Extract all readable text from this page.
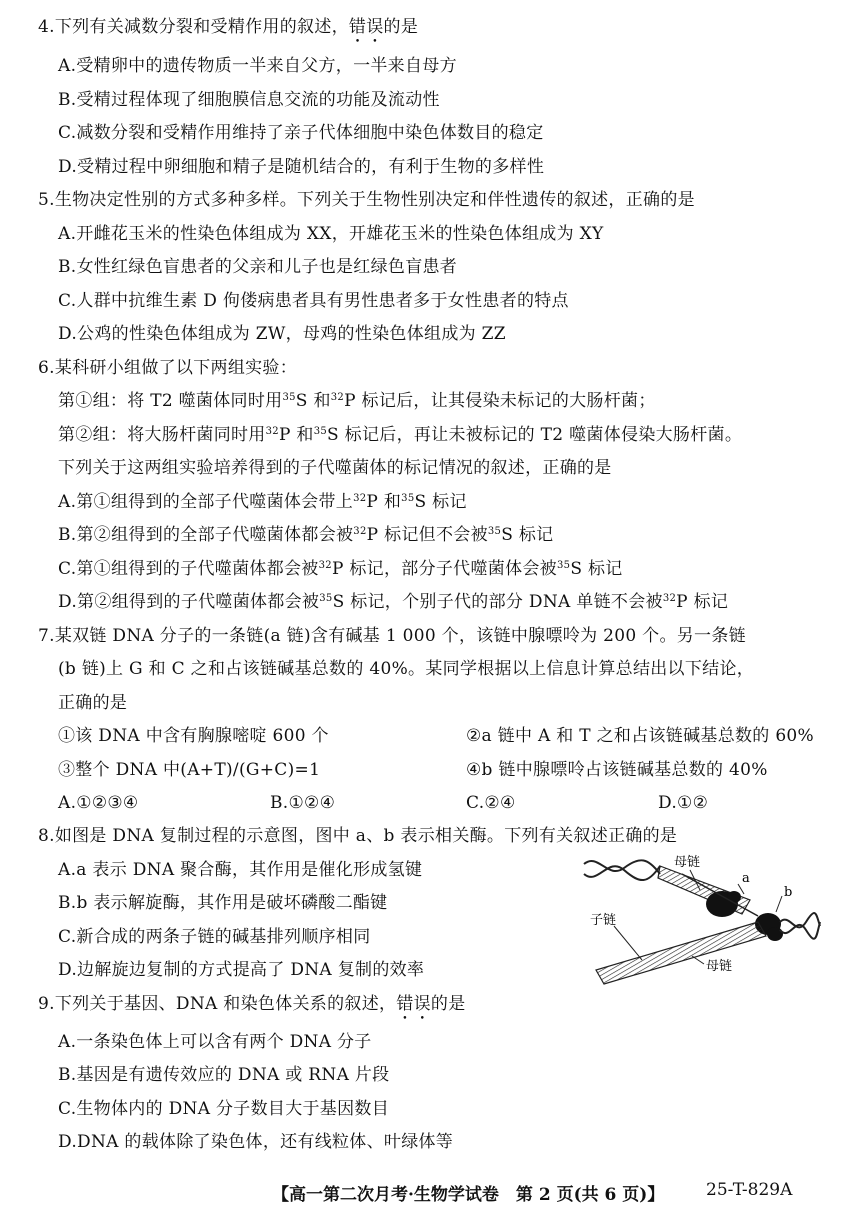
4.下列有关减数分裂和受精作用的叙述，错误的是
A.受精卵中的遗传物质一半来自父方，一半来自母方
B.受精过程体现了细胞膜信息交流的功能及流动性
C.减数分裂和受精作用维持了亲子代体细胞中染色体数目的稳定
D.受精过程中卵细胞和精子是随机结合的，有利于生物的多样性
5.生物决定性别的方式多种多样。下列关于生物性别决定和伴性遗传的叙述，正确的是
A.开雌花玉米的性染色体组成为 XX，开雄花玉米的性染色体组成为 XY
B.女性红绿色盲患者的父亲和儿子也是红绿色盲患者
C.人群中抗维生素 D 佝偻病患者具有男性患者多于女性患者的特点
D.公鸡的性染色体组成为 ZW，母鸡的性染色体组成为 ZZ
6.某科研小组做了以下两组实验：
第①组：将 T2 噬菌体同时用$^{35}$S 和$^{32}$P 标记后，让其侵染未标记的大肠杆菌；
第②组：将大肠杆菌同时用$^{32}$P 和$^{35}$S 标记后，再让未被标记的 T2 噬菌体侵染大肠杆菌。
下列关于这两组实验培养得到的子代噬菌体的标记情况的叙述，正确的是
A.第①组得到的全部子代噬菌体会带上$^{32}$P 和$^{35}$S 标记
B.第②组得到的全部子代噬菌体都会被$^{32}$P 标记但不会被$^{35}$S 标记
C.第①组得到的子代噬菌体都会被$^{32}$P 标记，部分子代噬菌体会被$^{35}$S 标记
D.第②组得到的子代噬菌体都会被$^{35}$S 标记，个别子代的部分 DNA 单链不会被$^{32}$P 标记
7.某双链 DNA 分子的一条链(a 链)含有碱基 1 000 个，该链中腺嘌呤为 200 个。另一条链
(b 链)上 G 和 C 之和占该链碱基总数的 40%。某同学根据以上信息计算总结出以下结论，
正确的是
①该 DNA 中含有胸腺嘧啶 600 个	②a 链中 A 和 T 之和占该链碱基总数的 60%
③整个 DNA 中(A+T)/(G+C)=1	④b 链中腺嘌呤占该链碱基总数的 40%
A.①②③④	B.①②④	C.②④	D.①②
8.如图是 DNA 复制过程的示意图，图中 a、b 表示相关酶。下列有关叙述正确的是
A.a 表示 DNA 聚合酶，其作用是催化形成氢键
B.b 表示解旋酶，其作用是破坏磷酸二酯键
C.新合成的两条子链的碱基排列顺序相同
D.边解旋边复制的方式提高了 DNA 复制的效率
母链
a
b
子链
母链
9.下列关于基因、DNA 和染色体关系的叙述，错误的是
A.一条染色体上可以含有两个 DNA 分子
B.基因是有遗传效应的 DNA 或 RNA 片段
C.生物体内的 DNA 分子数目大于基因数目
D.DNA 的载体除了染色体，还有线粒体、叶绿体等
【高一第二次月考·生物学试卷　第 2 页(共 6 页)】 25-T-829A
